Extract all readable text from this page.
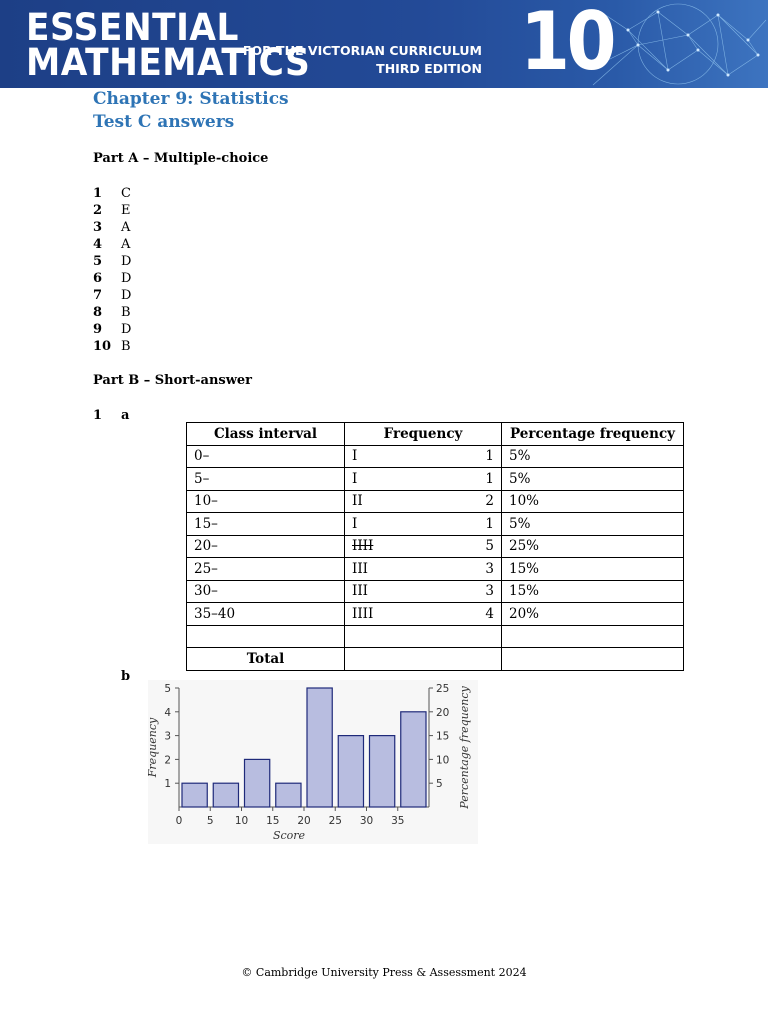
ESSENTIAL
MATHEMATICS
FOR THE VICTORIAN CURRICULUM
THIRD EDITION 10
Chapter 9: Statistics
Test C answers
Part A – Multiple-choice
1	C
2	E
3	A
4	A
5	D
6	D
7	D
8	B
9	D
10 B
Part B – Short-answer
1 a
Class interval	Frequency	Percentage frequency
0–	I 1	5%
5–	I 1	5%
10–	II 2	10%
15–	I 1	5%
20–	IIII 5	25%
25–	III 3	15%
30–	III 3	15%
35–40	IIII 4	20%

Total		
b
0 5 10 15 20 25 30 35
1
2
3
4
5
5
10
15
20
25
Score
Frequency	Percentage frequency
© Cambridge University Press & Assessment 2024
